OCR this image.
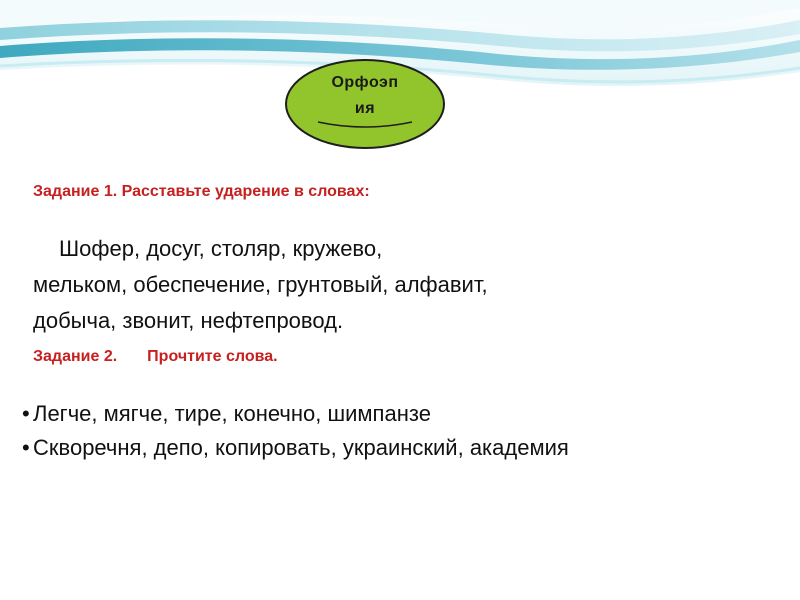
Орфоэп
ия
Задание 1. Расставьте ударение в словах:
Шофер, досуг, столяр, кружево,
мельком, обеспечение, грунтовый, алфавит,
добыча, звонит, нефтепровод.
Задание 2. Прочтите слова.
• Легче, мягче, тире, конечно, шимпанзе
• Скворечня, депо, копировать, украинский, академия
